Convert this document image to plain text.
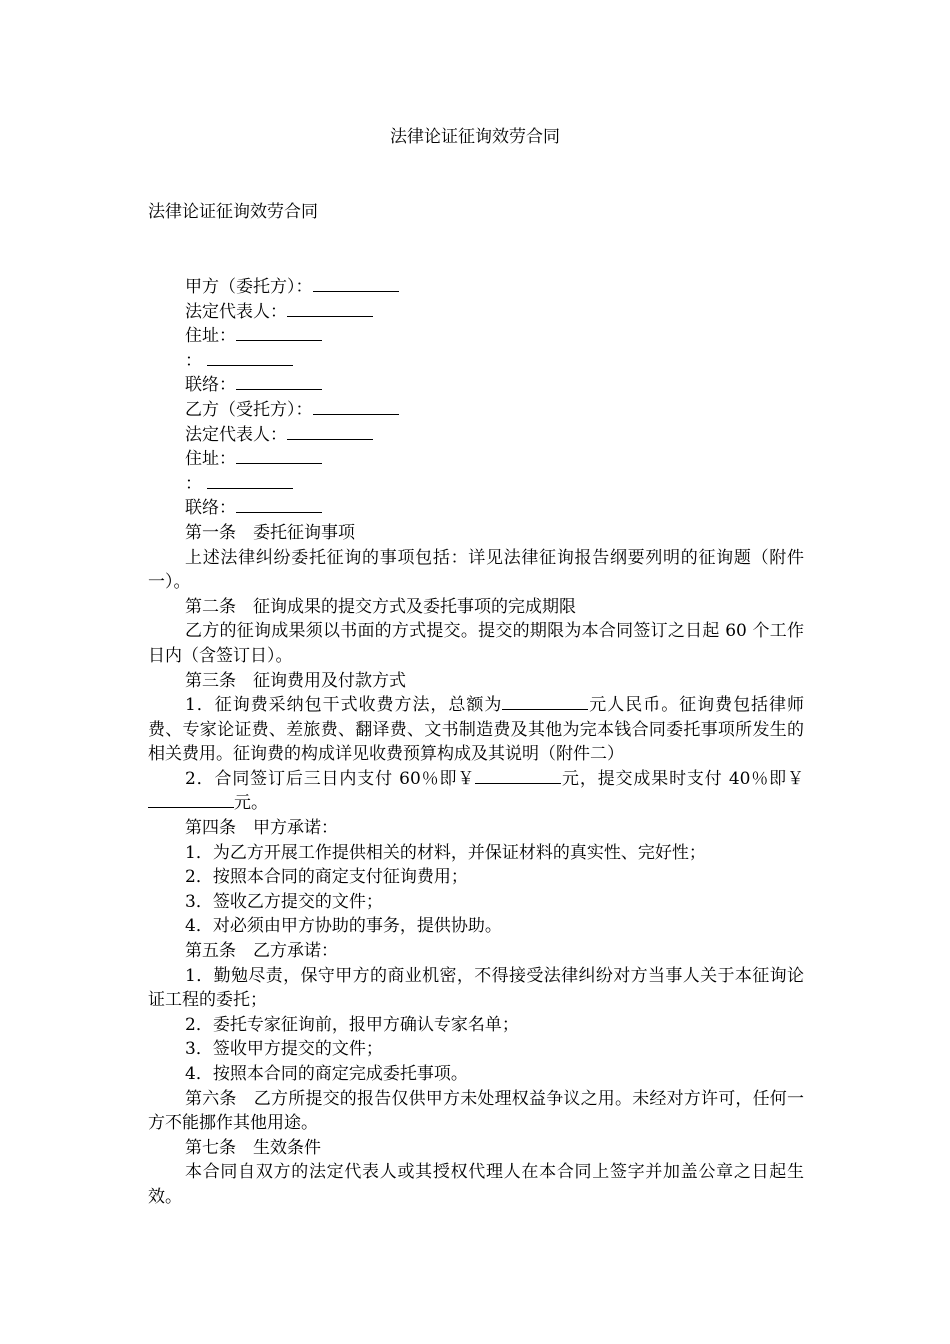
法律论证征询效劳合同
法律论证征询效劳合同

甲方（委托方）：

法定代表人：

住址：

：

联络：

乙方（受托方）：

法定代表人：

住址：

：

联络：

第一条 委托征询事项

上述法律纠纷委托征询的事项包括：详见法律征询报告纲要列明的征询题（附件一）。

第二条 征询成果的提交方式及委托事项的完成期限

乙方的征询成果须以书面的方式提交。提交的期限为本合同签订之日起 60 个工作日内（含签订日）。

第三条 征询费用及付款方式

1．征询费采纳包干式收费方法，总额为	元人民币。征询费包括律师费、专家论证费、差旅费、翻译费、文书制造费及其他为完本钱合同委托事项所发生的相关费用。征询费的构成详见收费预算构成及其说明（附件二）

2．合同签订后三日内支付 60％即￥	元，提交成果时支付 40％即￥元。

第四条 甲方承诺：

1．为乙方开展工作提供相关的材料，并保证材料的真实性、完好性；

2．按照本合同的商定支付征询费用；

3．签收乙方提交的文件；

4．对必须由甲方协助的事务，提供协助。

第五条 乙方承诺：

1．勤勉尽责，保守甲方的商业机密，不得接受法律纠纷对方当事人关于本征询论证工程的委托；

2．委托专家征询前，报甲方确认专家名单；

3．签收甲方提交的文件；

4．按照本合同的商定完成委托事项。

第六条 乙方所提交的报告仅供甲方未处理权益争议之用。未经对方许可，任何一方不能挪作其他用途。

第七条 生效条件

本合同自双方的法定代表人或其授权代理人在本合同上签字并加盖公章之日起生效。
